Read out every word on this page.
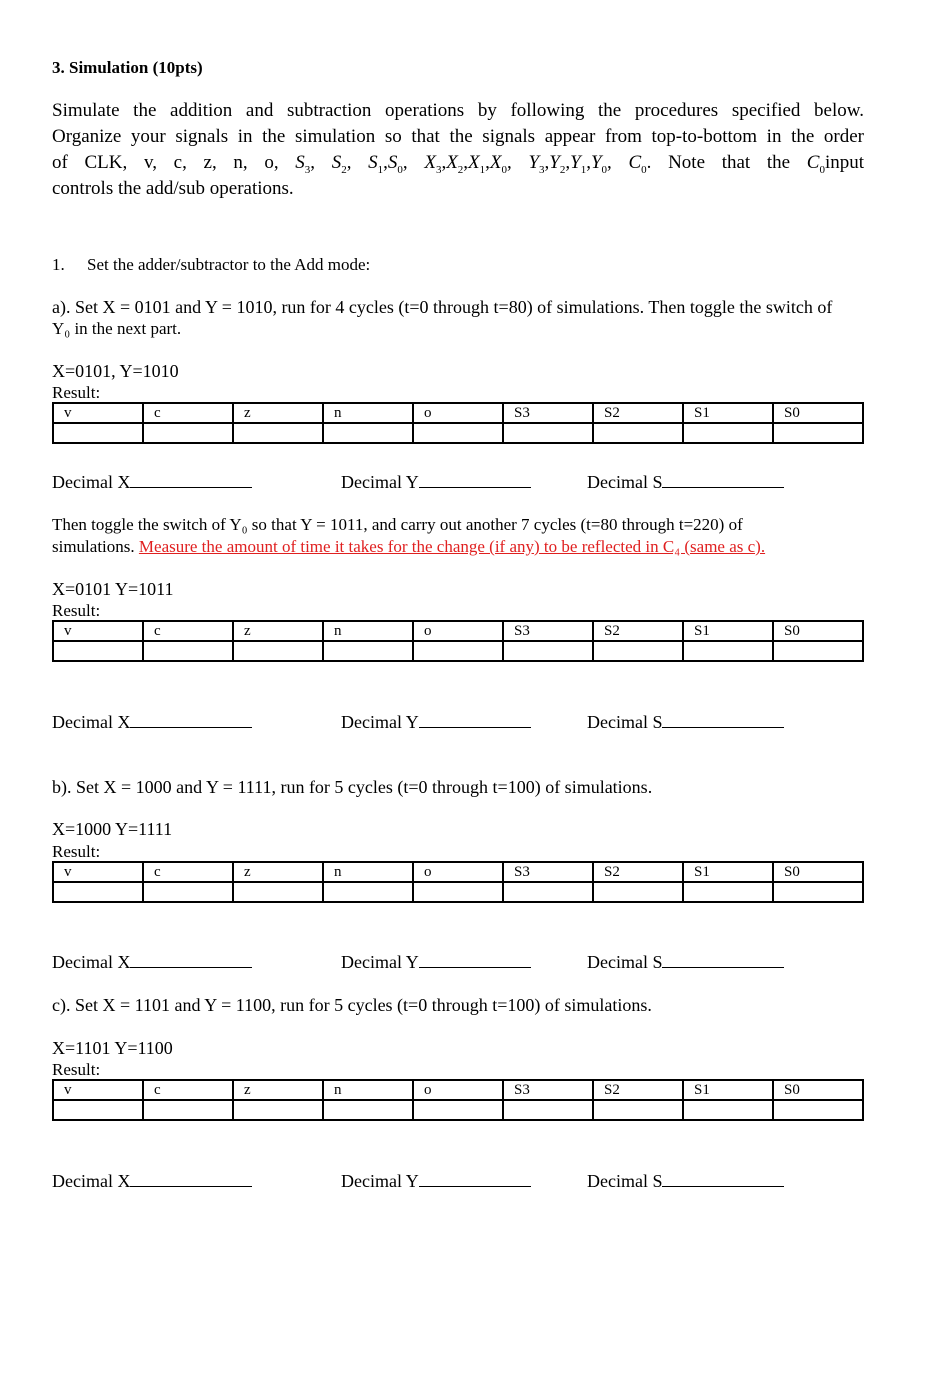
3. Simulation (10pts)
Simulate the addition and subtraction operations by following the procedures specified below.
Organize your signals in the simulation so that the signals appear from top-to-bottom in the order
of CLK, v, c, z, n, o, $S_3$, $S_2$, $S_1,S_0$, $X_3,X_2,X_1,X_0$, $Y_3,Y_2,Y_1,Y_0$, $C_0$. Note that the $C_0input$
controls the add/sub operations.
1. Set the adder/subtractor to the Add mode:
a). Set X = 0101 and Y = 1010, run for 4 cycles (t=0 through t=80) of simulations. Then toggle the switch of
Y₀ in the next part.
X=0101, Y=1010
Result:
v	c	z	n	o	S3	S2	S1	S0

Decimal X	Decimal Y	Decimal S
Then toggle the switch of Y₀ so that Y = 1011, and carry out another 7 cycles (t=80 through t=220) of
simulations. Measure the amount of time it takes for the change (if any) to be reflected in C₄ (same as c).
X=0101 Y=1011
Result:
v	c	z	n	o	S3	S2	S1	S0

Decimal X	Decimal Y	Decimal S
b). Set X = 1000 and Y = 1111, run for 5 cycles (t=0 through t=100) of simulations.
X=1000 Y=1111
Result:
v	c	z	n	o	S3	S2	S1	S0

Decimal X	Decimal Y	Decimal S
c). Set X = 1101 and Y = 1100, run for 5 cycles (t=0 through t=100) of simulations.
X=1101 Y=1100
Result:
v	c	z	n	o	S3	S2	S1	S0

Decimal X	Decimal Y	Decimal S
